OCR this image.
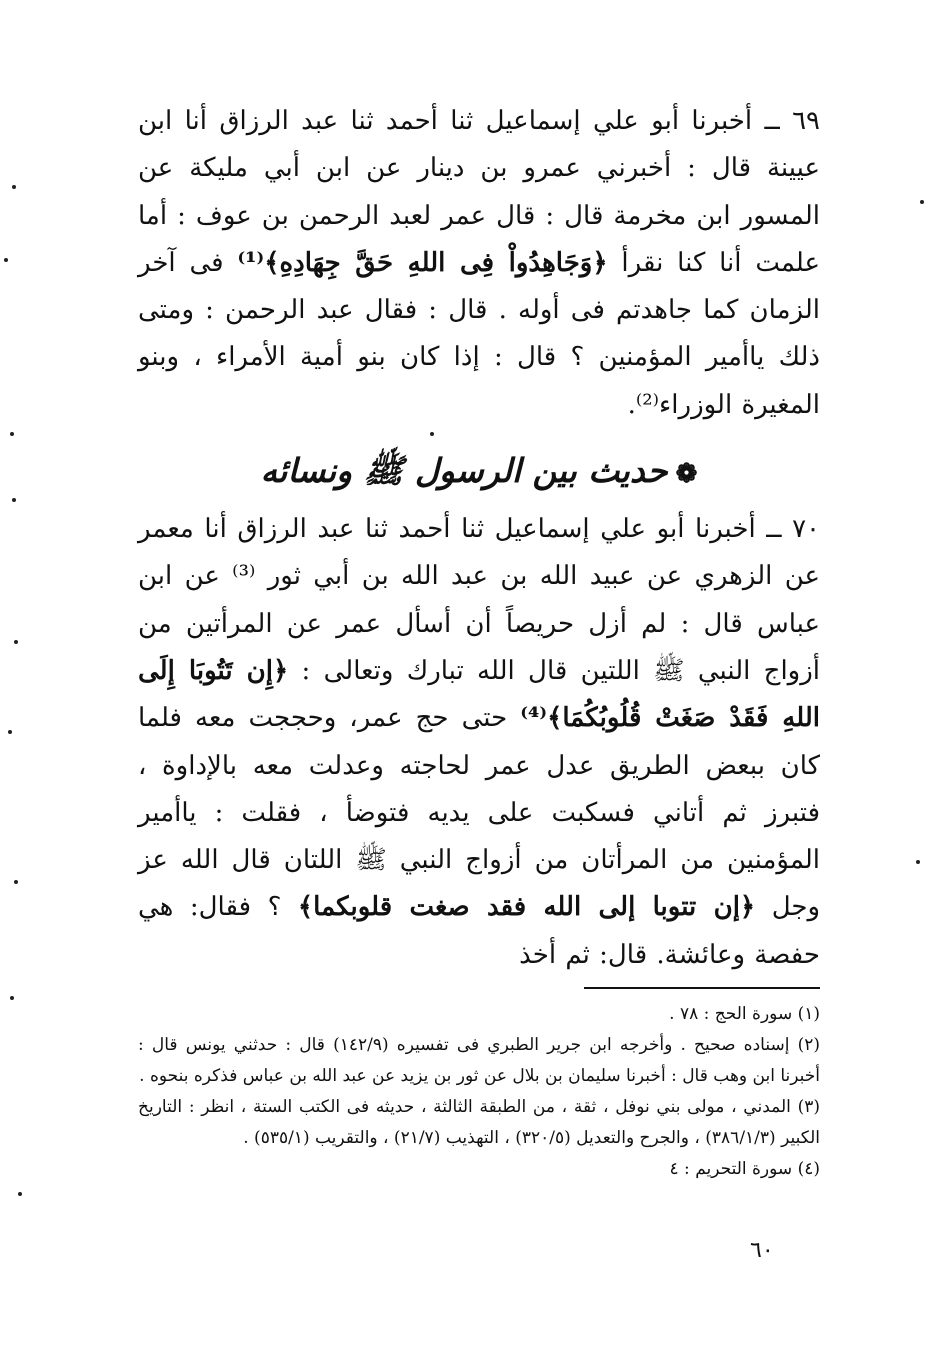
٦٩ ــ أخبرنا أبو علي إسماعيل ثنا أحمد ثنا عبد الرزاق أنا ابن عيينة قال : أخبرني عمرو بن دينار عن ابن أبي مليكة عن المسور ابن مخرمة قال : قال عمر لعبد الرحمن بن عوف : أما علمت أنا كنا نقرأ ﴿وَجَاهِدُواْ فِى اللهِ حَقَّ جِهَادِهِ﴾⁽¹⁾ فى آخر الزمان كما جاهدتم فى أوله . قال : فقال عبد الرحمن : ومتى ذلك ياأمير المؤمنين ؟ قال : إذا كان بنو أمية الأمراء ، وبنو المغيرة الوزراء⁽²⁾.

❁حديث بين الرسول ﷺ ونسائه

٧٠ ــ أخبرنا أبو علي إسماعيل ثنا أحمد ثنا عبد الرزاق أنا معمر عن الزهري عن عبيد الله بن عبد الله بن أبي ثور ⁽³⁾ عن ابن عباس قال : لم أزل حريصاً أن أسأل عمر عن المرأتين من أزواج النبي ﷺ اللتين قال الله تبارك وتعالى : ﴿إِن تَتُوبَا إِلَى اللهِ فَقَدْ صَغَتْ قُلُوبُكُمَا﴾⁽⁴⁾ حتى حج عمر، وحججت معه فلما كان ببعض الطريق عدل عمر لحاجته وعدلت معه بالإداوة ، فتبرز ثم أتاني فسكبت على يديه فتوضأ ، فقلت : ياأمير المؤمنين من المرأتان من أزواج النبي ﷺ اللتان قال الله عز وجل ﴿إن تتوبا إلى الله فقد صغت قلوبكما﴾ ؟ فقال: هي حفصة وعائشة. قال: ثم أخذ

(١) سورة الحج : ٧٨ .

(٢) إسناده صحيح . وأخرجه ابن جرير الطبري فى تفسيره (١٤٢/٩) قال : حدثني يونس قال : أخبرنا ابن وهب قال : أخبرنا سليمان بن بلال عن ثور بن يزيد عن عبد الله بن عباس فذكره بنحوه .

(٣) المدني ، مولى بني نوفل ، ثقة ، من الطبقة الثالثة ، حديثه فى الكتب الستة ، انظر : التاريخ الكبير (٣٨٦/١/٣) ، والجرح والتعديل (٣٢٠/٥) ، التهذيب (٢١/٧) ، والتقريب (٥٣٥/١) .

(٤) سورة التحريم : ٤

٦٠
